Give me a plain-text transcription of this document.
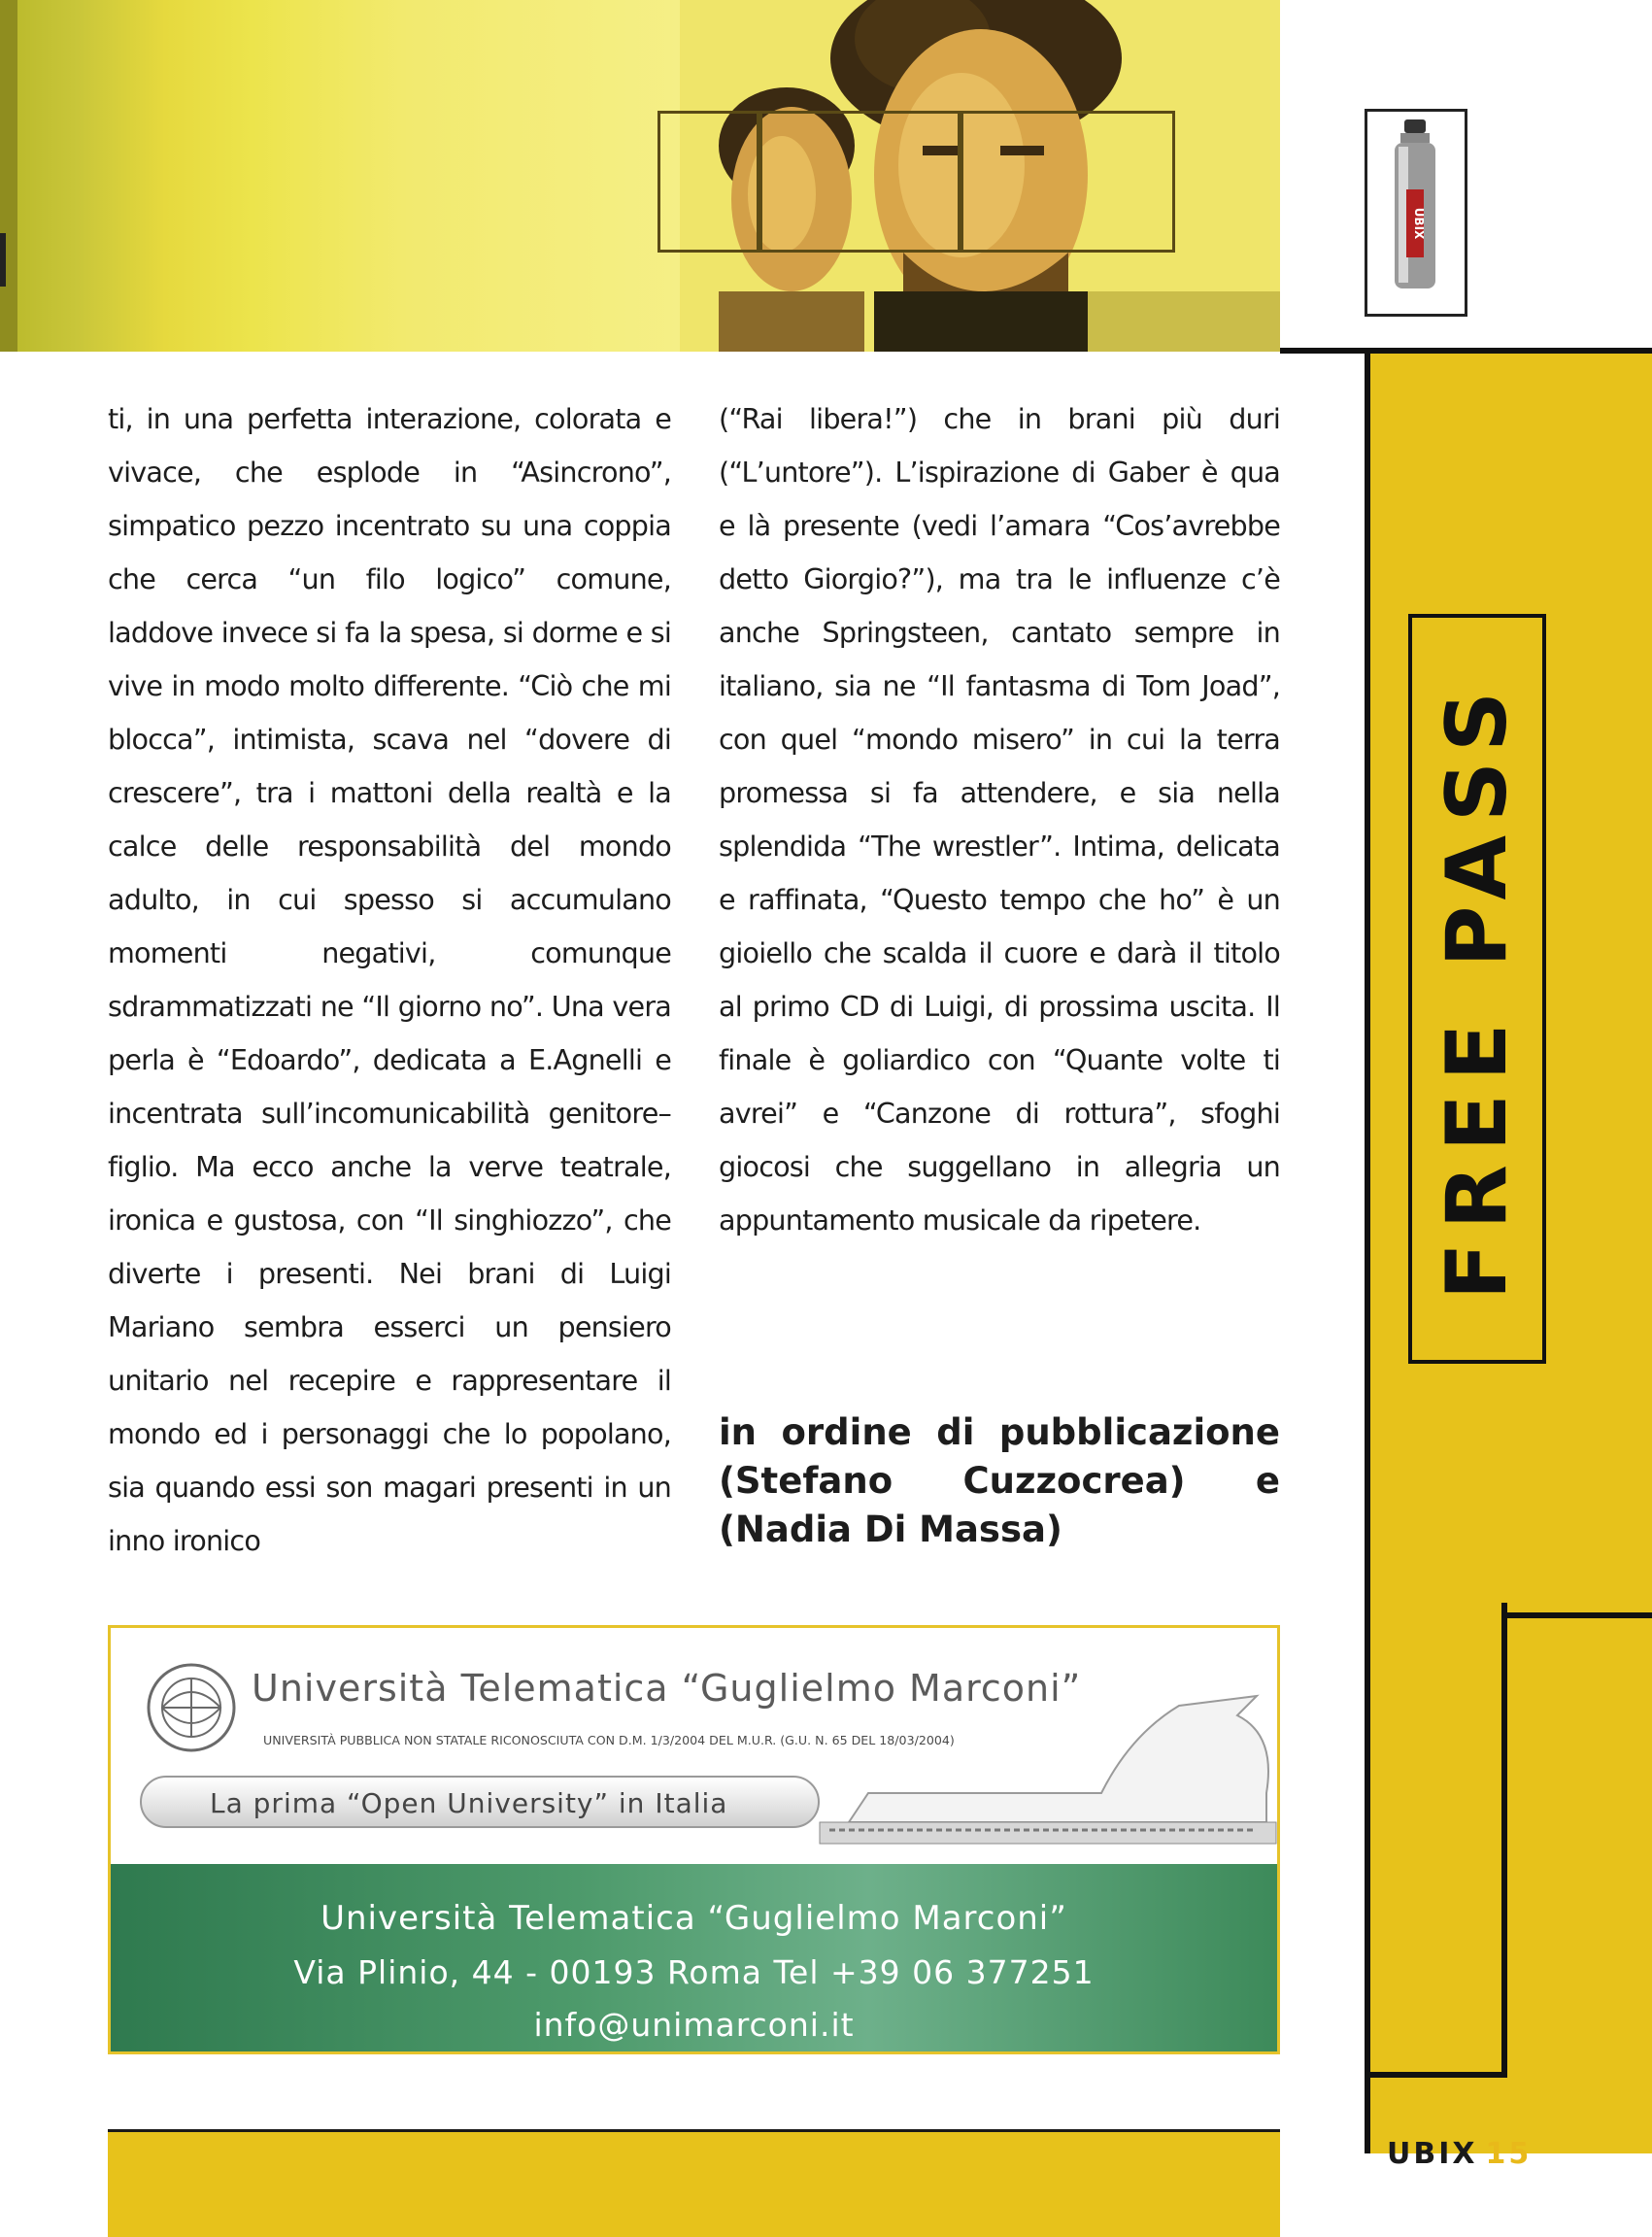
UBIX
FREE PASS
ti, in una perfetta interazione, colorata e vivace, che esplode in “Asincrono”, simpatico pezzo incentrato su una coppia che cerca “un filo logico” comune, laddove invece si fa la spesa, si dorme e si vive in modo molto differente. “Ciò che mi blocca”, intimista, scava nel “dovere di crescere”, tra i mattoni della realtà e la calce delle responsabilità del mondo adulto, in cui spesso si accumulano momenti negativi, comunque sdrammatizzati ne “Il giorno no”. Una vera perla è “Edoardo”, dedicata a E.Agnelli e incentrata sull’incomunicabilità genitore–figlio. Ma ecco anche la verve teatrale, ironica e gustosa, con “Il singhiozzo”, che diverte i presenti. Nei brani di Luigi Mariano sembra esserci un pensiero unitario nel recepire e rappresentare il mondo ed i personaggi che lo popolano, sia quando essi son magari presenti in un inno ironico
(“Rai libera!”) che in brani più duri (“L’untore”). L’ispirazione di Gaber è qua e là presente (vedi l’amara “Cos’avrebbe detto Giorgio?”), ma tra le influenze c’è anche Springsteen, cantato sempre in italiano, sia ne “Il fantasma di Tom Joad”, con quel “mondo misero” in cui la terra promessa si fa attendere, e sia nella splendida “The wrestler”. Intima, delicata e raffinata, “Questo tempo che ho” è un gioiello che scalda il cuore e darà il titolo al primo CD di Luigi, di prossima uscita. Il finale è goliardico con “Quante volte ti avrei” e “Canzone di rottura”, sfoghi giocosi che suggellano in allegria un appuntamento musicale da ripetere.
in ordine di pubblicazione
(Stefano Cuzzocrea) e
(Nadia Di Massa)
Università Telematica “Guglielmo Marconi”
UNIVERSITÀ PUBBLICA NON STATALE RICONOSCIUTA CON D.M. 1/3/2004 DEL M.U.R. (G.U. N. 65 DEL 18/03/2004)
La prima “Open University” in Italia
Università Telematica “Guglielmo Marconi”
Via Plinio, 44 - 00193 Roma Tel +39 06 377251
info@unimarconi.it
UBIX 15
